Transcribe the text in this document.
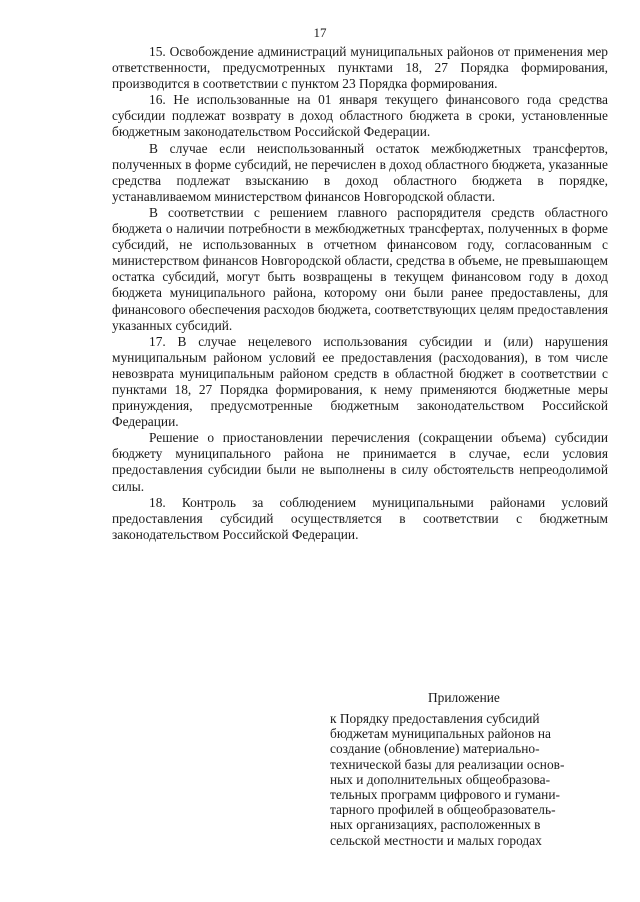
17

15. Освобождение администраций муниципальных районов от применения мер ответственности, предусмотренных пунктами 18, 27 Порядка формирования, производится в соответствии с пунктом 23 Порядка формирования.

16. Не использованные на 01 января текущего финансового года средства субсидии подлежат возврату в доход областного бюджета в сроки, установленные бюджетным законодательством Российской Федерации.

В случае если неиспользованный остаток межбюджетных трансфертов, полученных в форме субсидий, не перечислен в доход областного бюджета, указанные средства подлежат взысканию в доход областного бюджета в порядке, устанавливаемом министерством финансов Новгородской области.

В соответствии с решением главного распорядителя средств областного бюджета о наличии потребности в межбюджетных трансфертах, полученных в форме субсидий, не использованных в отчетном финансовом году, согласованным с министерством финансов Новгородской области, средства в объеме, не превышающем остатка субсидий, могут быть возвращены в текущем финансовом году в доход бюджета муниципального района, которому они были ранее предоставлены, для финансового обеспечения расходов бюджета, соответствующих целям предоставления указанных субсидий.

17. В случае нецелевого использования субсидии и (или) нарушения муниципальным районом условий ее предоставления (расходования), в том числе невозврата муниципальным районом средств в областной бюджет в соответствии с пунктами 18, 27 Порядка формирования, к нему применяются бюджетные меры принуждения, предусмотренные бюджетным законодательством Российской Федерации.

Решение о приостановлении перечисления (сокращении объема) субсидии бюджету муниципального района не принимается в случае, если условия предоставления субсидии были не выполнены в силу обстоятельств непреодолимой силы.

18. Контроль за соблюдением муниципальными районами условий предоставления субсидий осуществляется в соответствии с бюджетным законодательством Российской Федерации.

Приложение
к Порядку предоставления субсидий
бюджетам муниципальных районов на
создание (обновление) материально-
технической базы для реализации основ-
ных и дополнительных общеобразова-
тельных программ цифрового и гумани-
тарного профилей в общеобразователь-
ных организациях, расположенных в
сельской местности и малых городах
